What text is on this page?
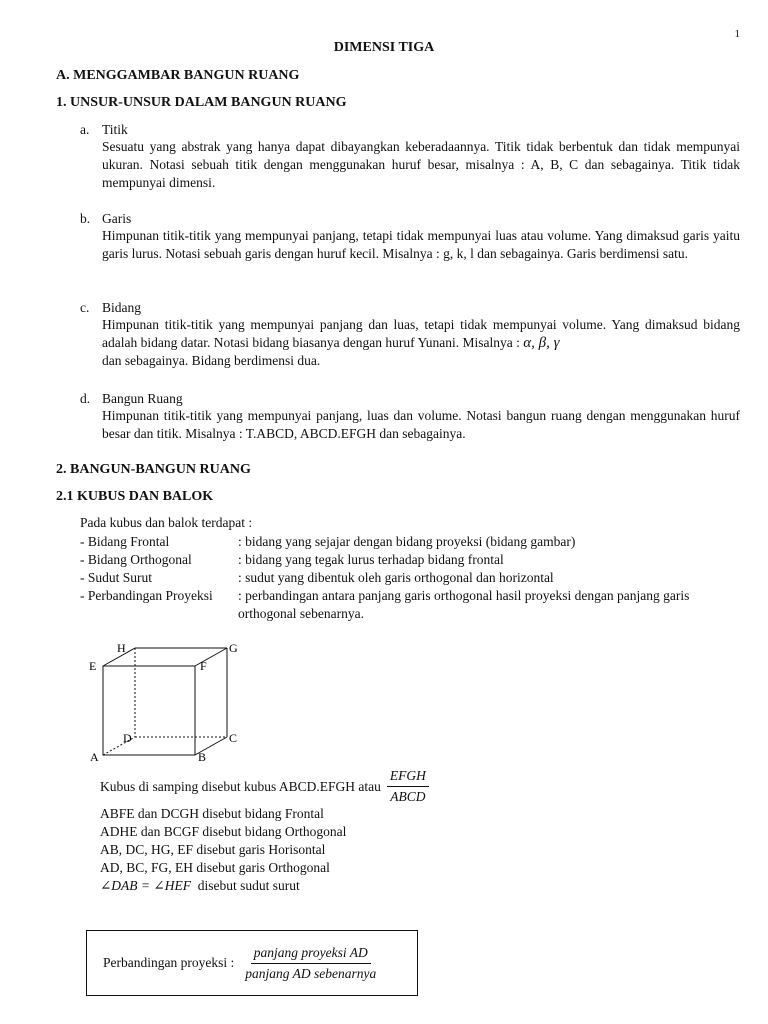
1
DIMENSI TIGA
A. MENGGAMBAR BANGUN RUANG
1. UNSUR-UNSUR DALAM BANGUN RUANG
a. Titik
Sesuatu yang abstrak yang hanya dapat dibayangkan keberadaannya. Titik tidak berbentuk dan tidak mempunyai ukuran. Notasi sebuah titik dengan menggunakan huruf besar, misalnya : A, B, C dan sebagainya. Titik tidak mempunyai dimensi.
b. Garis
Himpunan titik-titik yang mempunyai panjang, tetapi tidak mempunyai luas atau volume. Yang dimaksud garis yaitu garis lurus. Notasi sebuah garis dengan huruf kecil. Misalnya : g, k, l dan sebagainya. Garis berdimensi satu.
c. Bidang
Himpunan titik-titik yang mempunyai panjang dan luas, tetapi tidak mempunyai volume. Yang dimaksud bidang adalah bidang datar. Notasi bidang biasanya dengan huruf Yunani. Misalnya : α, β, γ
dan sebagainya. Bidang berdimensi dua.
d. Bangun Ruang
Himpunan titik-titik yang mempunyai panjang, luas dan volume. Notasi bangun ruang dengan menggunakan huruf besar dan titik. Misalnya : T.ABCD, ABCD.EFGH dan sebagainya.
2. BANGUN-BANGUN RUANG
2.1 KUBUS DAN BALOK
Pada kubus dan balok terdapat :
- Bidang Frontal	: bidang yang sejajar dengan bidang proyeksi (bidang gambar)
- Bidang Orthogonal	: bidang yang tegak lurus terhadap bidang frontal
- Sudut Surut	: sudut yang dibentuk oleh garis orthogonal dan horizontal
- Perbandingan Proyeksi	: perbandingan antara panjang garis orthogonal hasil proyeksi dengan panjang garis orthogonal sebenarnya.
A	B
C
D
E	F
G
H
Kubus di samping disebut kubus ABCD.EFGH atau $\frac{\text{EFGH}}{\text{ABCD}}$
ABFE dan DCGH disebut bidang Frontal
ADHE dan BCGF disebut bidang Orthogonal
AB, DC, HG, EF disebut garis Horisontal
AD, BC, FG, EH disebut garis Orthogonal
∠DAB = ∠HEF disebut sudut surut
Perbandingan proyeksi : $\frac{\text{panjang proyeksi AD}}{\text{panjang AD sebenarnya}}$
